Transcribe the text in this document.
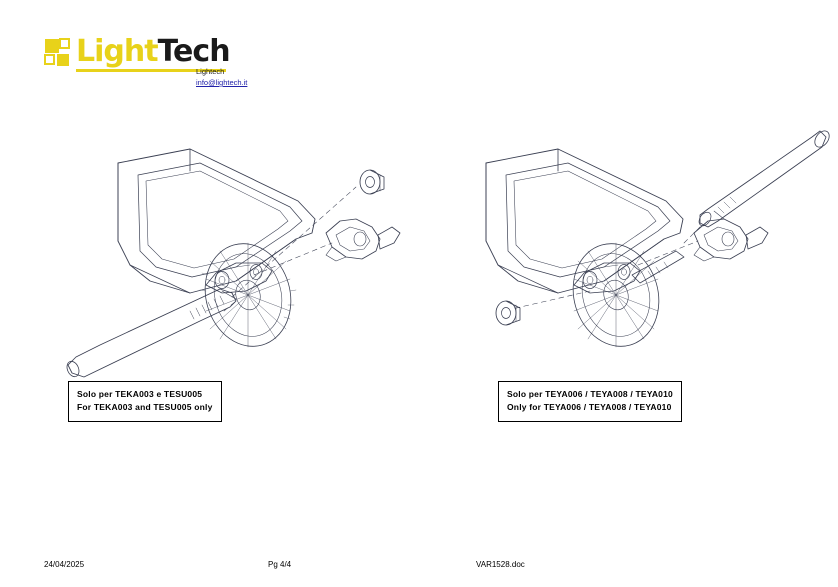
LightTech
Lightech
info@lightech.it
Solo per TEKA003 e TESU005
For TEKA003 and TESU005 only
Solo per TEYA006 / TEYA008 / TEYA010
Only for TEYA006 / TEYA008 / TEYA010
24/04/2025	Pg 4/4	VAR1528.doc
